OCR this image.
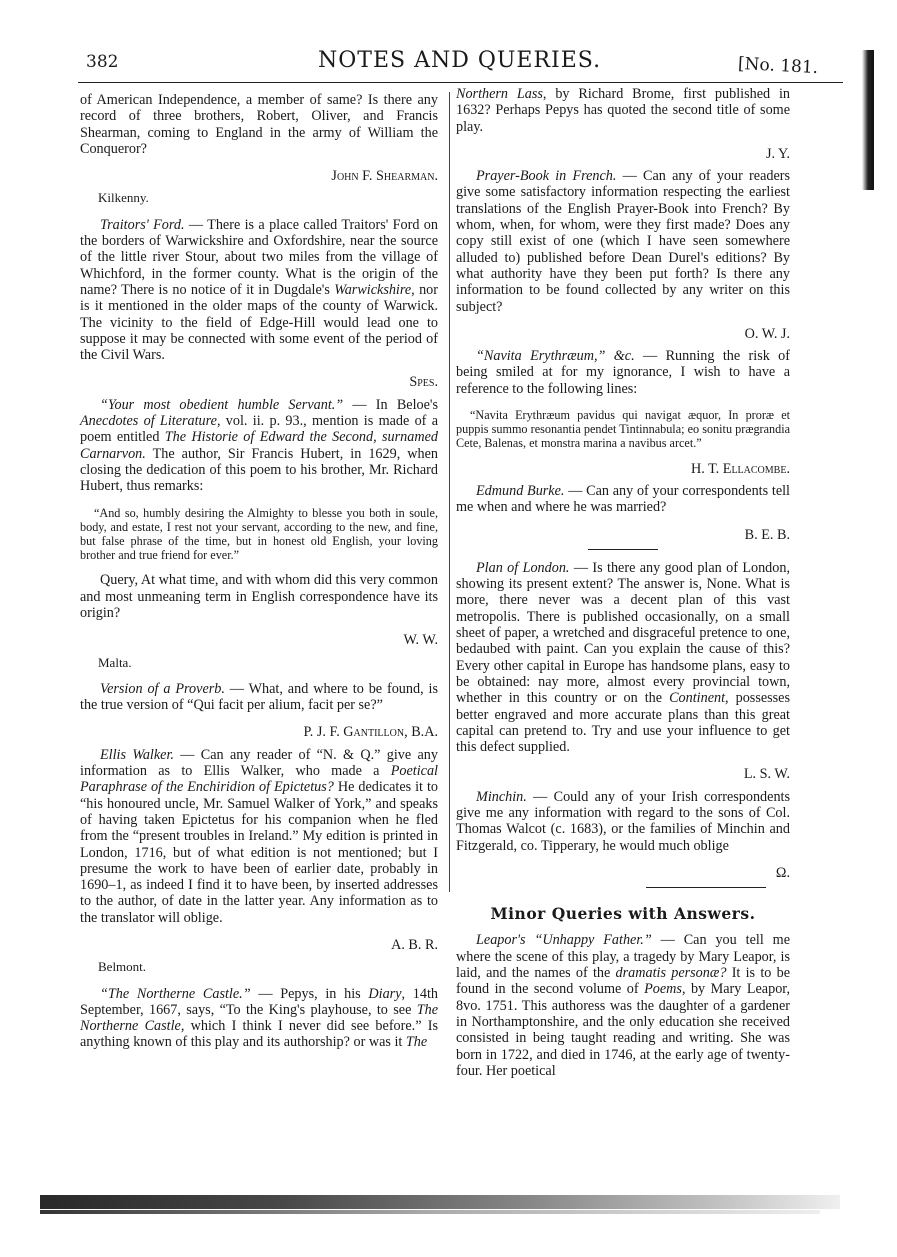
382	NOTES AND QUERIES.	[No. 181.

of American Independence, a member of same? Is there any record of three brothers, Robert, Oliver, and Francis Shearman, coming to England in the army of William the Conqueror?

John F. Shearman.
Kilkenny.

Traitors' Ford. — There is a place called Traitors' Ford on the borders of Warwickshire and Oxfordshire, near the source of the little river Stour, about two miles from the village of Whichford, in the former county. What is the origin of the name? There is no notice of it in Dugdale's Warwickshire, nor is it mentioned in the older maps of the county of Warwick. The vicinity to the field of Edge-Hill would lead one to suppose it may be connected with some event of the period of the Civil Wars.

Spes.

“Your most obedient humble Servant.” — In Beloe's Anecdotes of Literature, vol. ii. p. 93., mention is made of a poem entitled The Historie of Edward the Second, surnamed Carnarvon. The author, Sir Francis Hubert, in 1629, when closing the dedication of this poem to his brother, Mr. Richard Hubert, thus remarks:

“And so, humbly desiring the Almighty to blesse you both in soule, body, and estate, I rest not your servant, according to the new, and fine, but false phrase of the time, but in honest old English, your loving brother and true friend for ever.”

Query, At what time, and with whom did this very common and most unmeaning term in English correspondence have its origin?

W. W.
Malta.

Version of a Proverb. — What, and where to be found, is the true version of “Qui facit per alium, facit per se?”

P. J. F. Gantillon, B.A.

Ellis Walker. — Can any reader of “N. & Q.” give any information as to Ellis Walker, who made a Poetical Paraphrase of the Enchiridion of Epictetus? He dedicates it to “his honoured uncle, Mr. Samuel Walker of York,” and speaks of having taken Epictetus for his companion when he fled from the “present troubles in Ireland.” My edition is printed in London, 1716, but of what edition is not mentioned; but I presume the work to have been of earlier date, probably in 1690–1, as indeed I find it to have been, by inserted addresses to the author, of date in the latter year. Any information as to the translator will oblige.

A. B. R.
Belmont.

“The Northerne Castle.” — Pepys, in his Diary, 14th September, 1667, says, “To the King's playhouse, to see The Northerne Castle, which I think I never did see before.” Is anything known of this play and its authorship? or was it The

Northern Lass, by Richard Brome, first published in 1632? Perhaps Pepys has quoted the second title of some play.

J. Y.

Prayer-Book in French. — Can any of your readers give some satisfactory information respecting the earliest translations of the English Prayer-Book into French? By whom, when, for whom, were they first made? Does any copy still exist of one (which I have seen somewhere alluded to) published before Dean Durel's editions? By what authority have they been put forth? Is there any information to be found collected by any writer on this subject?

O. W. J.

“Navita Erythræum,” &c. — Running the risk of being smiled at for my ignorance, I wish to have a reference to the following lines:

“Navita Erythræum pavidus qui navigat æquor, In proræ et puppis summo resonantia pendet Tintinnabula; eo sonitu prægrandia Cete, Balenas, et monstra marina a navibus arcet.”
H. T. Ellacombe.

Edmund Burke. — Can any of your correspondents tell me when and where he was married?

B. E. B.

Plan of London. — Is there any good plan of London, showing its present extent? The answer is, None. What is more, there never was a decent plan of this vast metropolis. There is published occasionally, on a small sheet of paper, a wretched and disgraceful pretence to one, bedaubed with paint. Can you explain the cause of this? Every other capital in Europe has handsome plans, easy to be obtained: nay more, almost every provincial town, whether in this country or on the Continent, possesses better engraved and more accurate plans than this great capital can pretend to. Try and use your influence to get this defect supplied.

L. S. W.

Minchin. — Could any of your Irish correspondents give me any information with regard to the sons of Col. Thomas Walcot (c. 1683), or the families of Minchin and Fitzgerald, co. Tipperary, he would much oblige

Ω.
Minor Queries with Answers.

Leapor's “Unhappy Father.” — Can you tell me where the scene of this play, a tragedy by Mary Leapor, is laid, and the names of the dramatis personæ? It is to be found in the second volume of Poems, by Mary Leapor, 8vo. 1751. This authoress was the daughter of a gardener in Northamptonshire, and the only education she received consisted in being taught reading and writing. She was born in 1722, and died in 1746, at the early age of twenty-four. Her poetical
